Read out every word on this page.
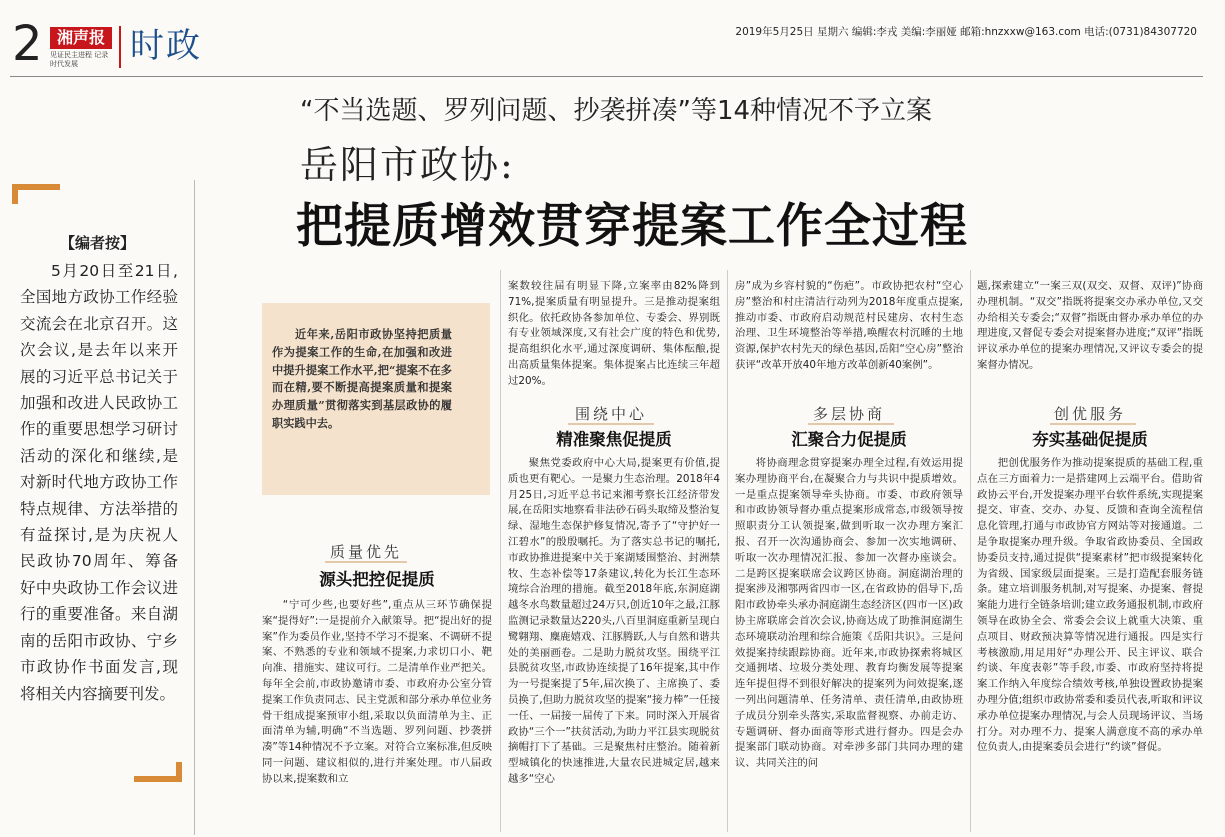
2 湘声报
见证民主进程 记录时代发展	时政	2019年5月25日 星期六 编辑:李戎 美编:李丽娅 邮箱:hnzxxw@163.com 电话:(0731)84307720
“不当选题、罗列问题、抄袭拼凑”等14种情况不予立案
岳阳市政协:
把提质增效贯穿提案工作全过程
【编者按】
5月20日至21日,全国地方政协工作经验交流会在北京召开。这次会议,是去年以来开展的习近平总书记关于加强和改进人民政协工作的重要思想学习研讨活动的深化和继续,是对新时代地方政协工作特点规律、方法举措的有益探讨,是为庆祝人民政协70周年、筹备好中央政协工作会议进行的重要准备。来自湖南的岳阳市政协、宁乡市政协作书面发言,现将相关内容摘要刊发。
近年来,岳阳市政协坚持把质量作为提案工作的生命,在加强和改进中提升提案工作水平,把“提案不在多而在精,要不断提高提案质量和提案办理质量”贯彻落实到基层政协的履职实践中去。
质量优先
源头把控促提质

“宁可少些,也要好些”,重点从三环节确保提案“提得好”:一是提前介入献策导。把“提出好的提案”作为委员作业,坚持不学习不提案、不调研不提案、不熟悉的专业和领域不提案,力求切口小、靶向准、措施实、建议可行。二是清单作业严把关。每年全会前,市政协邀请市委、市政府办公室分管提案工作负责同志、民主党派和部分承办单位业务骨干组成提案预审小组,采取以负面清单为主、正面清单为辅,明确“不当选题、罗列问题、抄袭拼凑”等14种情况不予立案。对符合立案标准,但反映同一问题、建议相似的,进行并案处理。市八届政协以来,提案数和立

案数较往届有明显下降,立案率由82%降到71%,提案质量有明显提升。三是推动提案组织化。依托政协各参加单位、专委会、界别既有专业领域深度,又有社会广度的特色和优势,提高组织化水平,通过深度调研、集体酝酿,提出高质量集体提案。集体提案占比连续三年超过20%。

围绕中心
精准聚焦促提质

聚焦党委政府中心大局,提案更有价值,提质也更有靶心。一是聚力生态治理。2018年4月25日,习近平总书记来湘考察长江经济带发展,在岳阳实地察看非法砂石码头取缔及整治复绿、湿地生态保护修复情况,寄予了“守护好一江碧水”的殷殷嘱托。为了落实总书记的嘱托,市政协推进提案中关于案湖矮围整治、封洲禁牧、生态补偿等17条建议,转化为长江生态环境综合治理的措施。截至2018年底,东洞庭湖越冬水鸟数量超过24万只,创近10年之最,江豚监测记录数量达220头,八百里洞庭重新呈现白鹭翱翔、麋鹿嬉戏、江豚腾跃,人与自然和谐共处的美丽画卷。二是助力脱贫攻坚。围绕平江县脱贫攻坚,市政协连续提了16年提案,其中作为一号提案提了5年,届次换了、主席换了、委员换了,但助力脱贫攻坚的提案“接力棒”一任接一任、一届接一届传了下来。同时深入开展省政协“三个一”扶贫活动,为助力平江县实现脱贫摘帽打下了基础。三是聚焦村庄整治。随着新型城镇化的快速推进,大量农民进城定居,越来越多“空心

房”成为乡容村貌的“伤疤”。市政协把农村“空心房”整治和村庄清洁行动列为2018年度重点提案,推动市委、市政府启动规范村民建房、农村生态治理、卫生环境整治等举措,唤醒农村沉睡的土地资源,保护农村先天的绿色基因,岳阳“空心房”整治获评“改革开放40年地方改革创新40案例”。

多层协商
汇聚合力促提质

将协商理念贯穿提案办理全过程,有效运用提案办理协商平台,在凝聚合力与共识中提质增效。一是重点提案领导牵头协商。市委、市政府领导和市政协领导督办重点提案形成常态,市级领导按照职责分工认领提案,做到听取一次办理方案汇报、召开一次沟通协商会、参加一次实地调研、听取一次办理情况汇报、参加一次督办座谈会。二是跨区提案联席会议跨区协商。洞庭湖治理的提案涉及湘鄂两省四市一区,在省政协的倡导下,岳阳市政协牵头承办洞庭湖生态经济区(四市一区)政协主席联席会首次会议,协商达成了助推洞庭湖生态环境联动治理和综合施策《岳阳共识》。三是问效提案持续跟踪协商。近年来,市政协探索将城区交通拥堵、垃圾分类处理、教育均衡发展等提案连年提但得不到很好解决的提案列为问效提案,逐一列出问题清单、任务清单、责任清单,由政协班子成员分别牵头落实,采取监督视察、办前走访、专题调研、督办面商等形式进行督办。四是会办提案部门联动协商。对牵涉多部门共同办理的建议、共同关注的问

题,探索建立“一案三双(双交、双督、双评)”协商办理机制。“双交”指既将提案交办承办单位,又交办给相关专委会;“双督”指既由督办承办单位的办理进度,又督促专委会对提案督办进度;“双评”指既评议承办单位的提案办理情况,又评议专委会的提案督办情况。

创优服务
夯实基础促提质

把创优服务作为推动提案提质的基础工程,重点在三方面着力:一是搭建网上云端平台。借助省政协云平台,开发提案办理平台软件系统,实现提案提交、审查、交办、办复、反馈和查询全流程信息化管理,打通与市政协官方网站等对接通道。二是争取提案办理升级。争取省政协委员、全国政协委员支持,通过提供“提案素材”把市级提案转化为省级、国家级层面提案。三是打造配套服务链条。建立培训服务机制,对写提案、办提案、督提案能力进行全链条培训;建立政务通报机制,市政府领导在政协全会、常委会会议上就重大决策、重点项目、财政预决算等情况进行通报。四是实行考核激励,用足用好“办理公开、民主评议、联合约谈、年度表彰”等手段,市委、市政府坚持将提案工作纳入年度综合绩效考核,单独设置政协提案办理分值;组织市政协常委和委员代表,听取和评议承办单位提案办理情况,与会人员现场评议、当场打分。对办理不力、提案人满意度不高的承办单位负责人,由提案委员会进行“约谈”督促。
